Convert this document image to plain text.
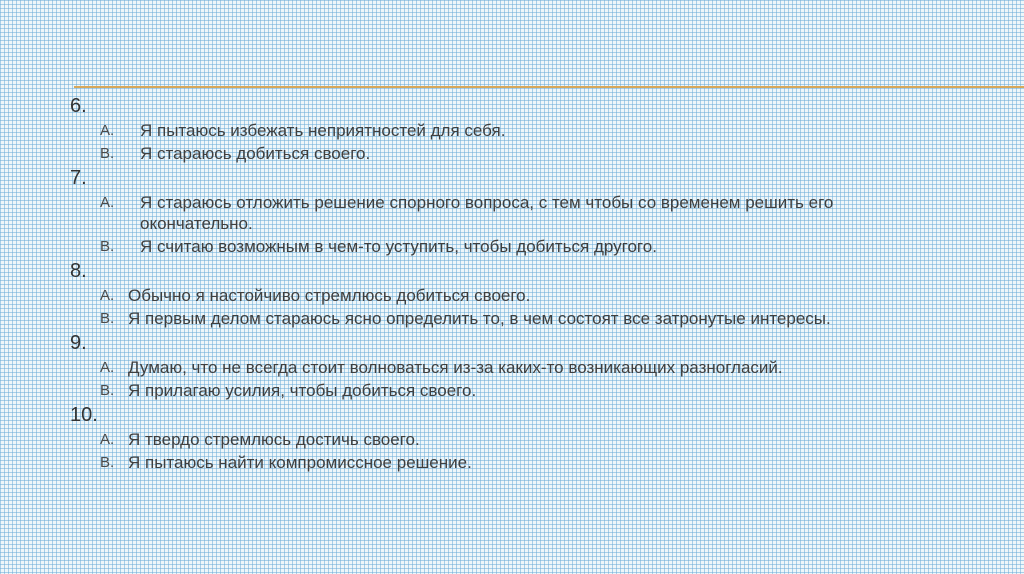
6.
A.	Я пытаюсь избежать неприятностей для себя.
B.	Я стараюсь добиться своего.
7.
A.	Я стараюсь отложить решение спорного вопроса, с тем чтобы со временем решить его окончательно.
B.	Я считаю возможным в чем-то уступить, чтобы добиться другого.
8.
A. Обычно я настойчиво стремлюсь добиться своего.
B. Я первым делом стараюсь ясно определить то, в чем состоят все затронутые интересы.
9.
A. Думаю, что не всегда стоит волноваться из-за каких-то возникающих разногласий.
B. Я прилагаю усилия, чтобы добиться своего.
10.
A. Я твердо стремлюсь достичь своего.
B. Я пытаюсь найти компромиссное решение.
